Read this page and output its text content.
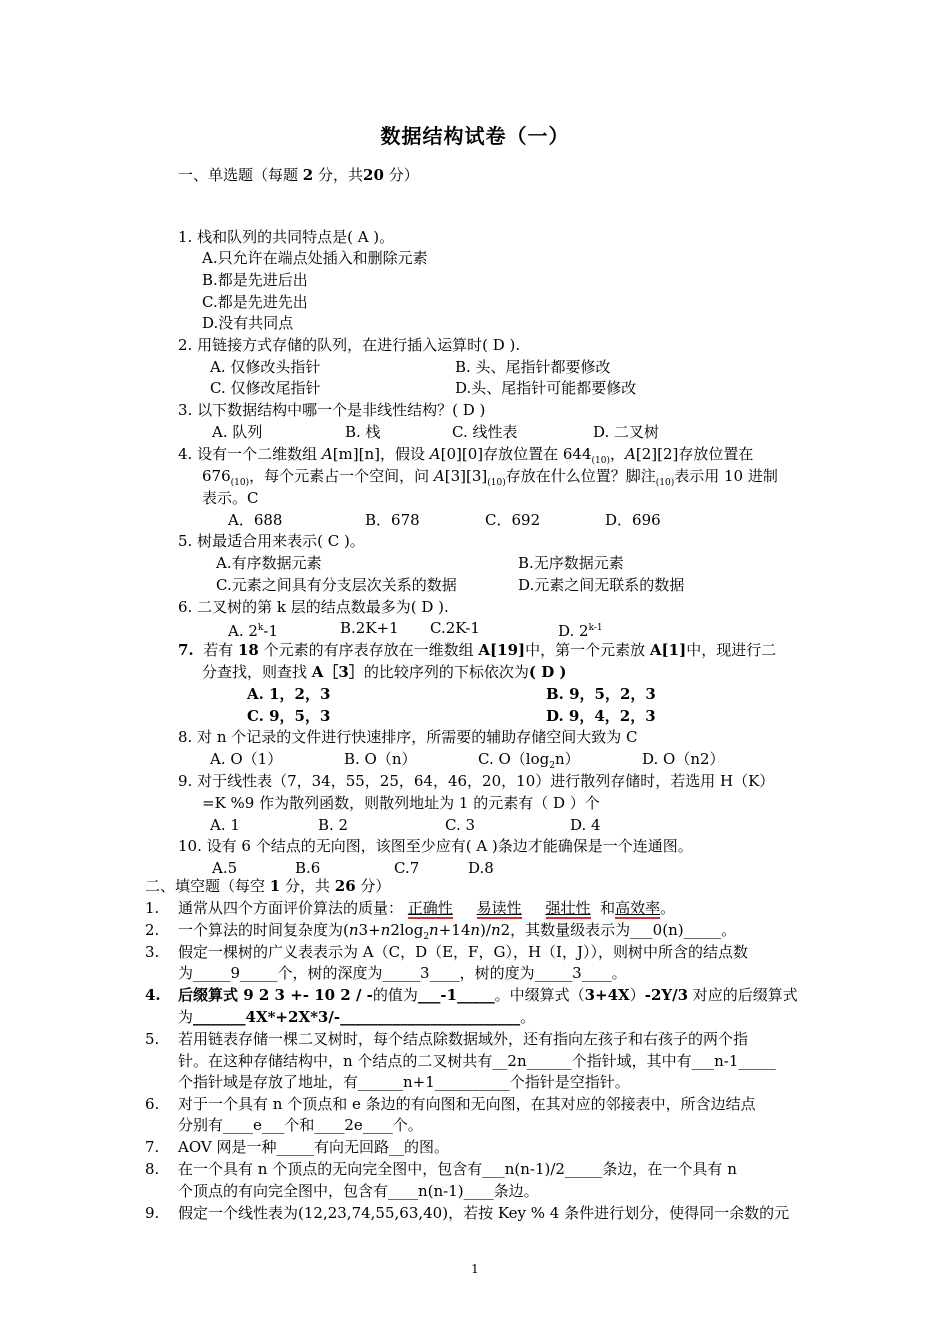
数据结构试卷（一）
一、单选题（每题 2 分，共20 分）
1. 栈和队列的共同特点是( A )。
A.只允许在端点处插入和删除元素
B.都是先进后出
C.都是先进先出
D.没有共同点
2. 用链接方式存储的队列，在进行插入运算时( D ).
A. 仅修改头指针	B. 头、尾指针都要修改
C. 仅修改尾指针	D.头、尾指针可能都要修改
3. 以下数据结构中哪一个是非线性结构？( D )
A. 队列	B. 栈	C. 线性表	D. 二叉树
4. 设有一个二维数组 A[m][n]，假设 A[0][0]存放位置在 $644_{(10)}$，A[2][2]存放位置在
$676_{(10)}$，每个元素占一个空间，问 $A[3][3]_{(10)}$存放在什么位置？脚注$_{(10)}$表示用 10 进制
表示。C
A．688	B．678	C．692	D．696
5. 树最适合用来表示( C )。
A.有序数据元素	B.无序数据元素
C.元素之间具有分支层次关系的数据	D.元素之间无联系的数据
6. 二叉树的第 k 层的结点数最多为( D ).
A. 2$^k$-1	B.2K+1 C.2K-1	D. 2$^{k-1}$
7. 若有 18 个元素的有序表存放在一维数组 A[19]中，第一个元素放 A[1]中，现进行二
分查找，则查找 A［3］的比较序列的下标依次为( D )
A. 1，2，3	B. 9，5，2，3
C. 9，5，3	D. 9，4，2，3
8. 对 n 个记录的文件进行快速排序，所需要的辅助存储空间大致为 C
A. O（1）	B. O（n）	C. $O(\log_2n)$	D. O（n2）
9. 对于线性表（7，34，55，25，64，46，20，10）进行散列存储时，若选用 H（K）
=K %9 作为散列函数，则散列地址为 1 的元素有（ D ）个
A. 1	B. 2	C. 3	D. 4
10. 设有 6 个结点的无向图，该图至少应有( A )条边才能确保是一个连通图。
A.5	B.6	C.7	D.8
二、填空题（每空 1 分，共 26 分）
1. 通常从四个方面评价算法的质量： 正确性 易读性 强壮性 和高效率。
2. 一个算法的时间复杂度为$(n3+n2\log_2n+14n)/n2$，其数量级表示为___0(n)_____。
3. 假定一棵树的广义表表示为 A（C，D（E，F，G），H（I，J）），则树中所含的结点数
为_____9_____个，树的深度为_____3____，树的度为_____3____。
4. 后缀算式 9 2 3 +- 10 2 / -的值为___-1_____。中缀算式（3+4X）-2Y/3 对应的后缀算式
为_______4X*+2X*3/-________________________。
5. 若用链表存储一棵二叉树时，每个结点除数据域外，还有指向左孩子和右孩子的两个指
针。在这种存储结构中，n 个结点的二叉树共有__2n______个指针域，其中有___n-1_____
个指针域是存放了地址，有______n+1__________个指针是空指针。
6. 对于一个具有 n 个顶点和 e 条边的有向图和无向图，在其对应的邻接表中，所含边结点
分别有____e___个和____2e____个。
7. AOV 网是一种_____有向无回路__的图。
8. 在一个具有 n 个顶点的无向完全图中，包含有___n(n-1)/2_____条边，在一个具有 n
个顶点的有向完全图中，包含有____n(n-1)____条边。
9. 假定一个线性表为(12,23,74,55,63,40)，若按 Key % 4 条件进行划分，使得同一余数的元
1
